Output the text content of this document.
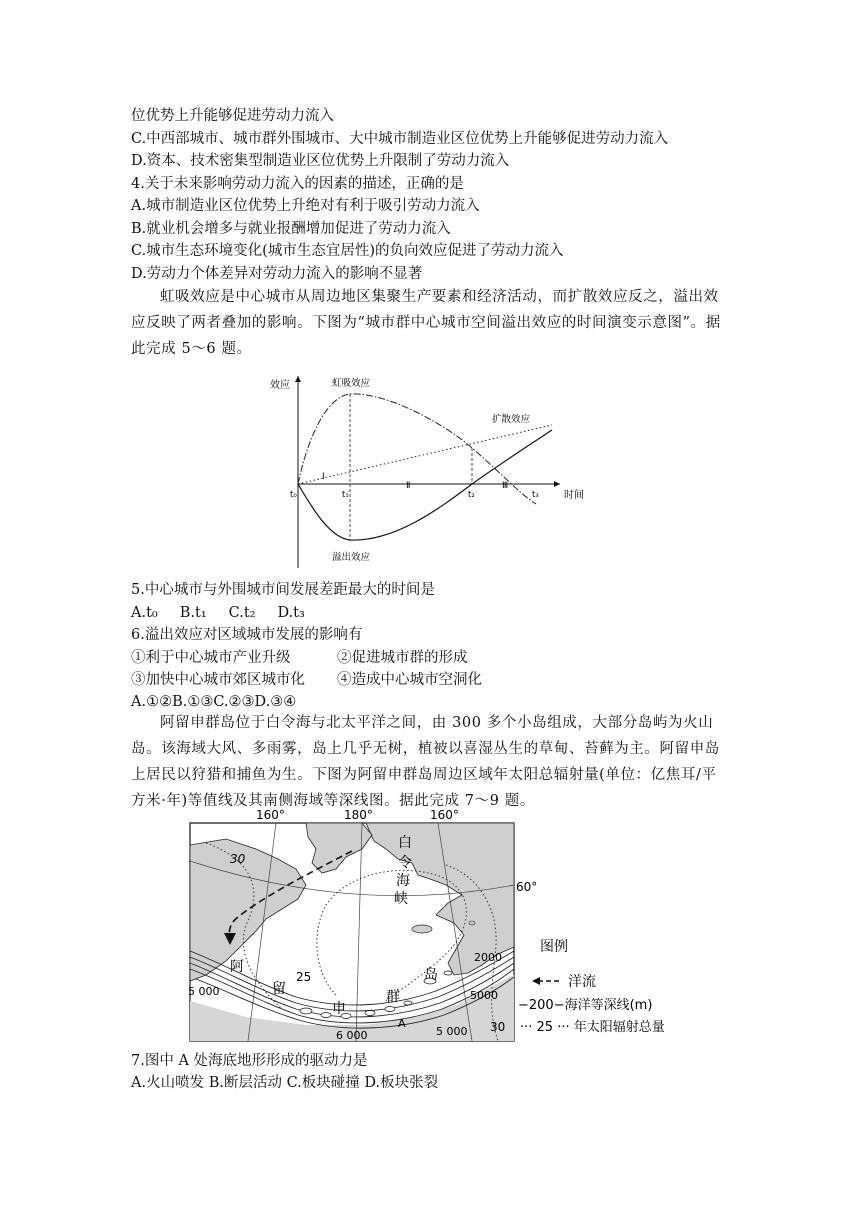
位优势上升能够促进劳动力流入
C.中西部城市、城市群外围城市、大中城市制造业区位优势上升能够促进劳动力流入
D.资本、技术密集型制造业区位优势上升限制了劳动力流入
4.关于未来影响劳动力流入的因素的描述，正确的是
A.城市制造业区位优势上升绝对有利于吸引劳动力流入
B.就业机会增多与就业报酬增加促进了劳动力流入
C.城市生态环境变化(城市生态宜居性)的负向效应促进了劳动力流入
D.劳动力个体差异对劳动力流入的影响不显著
虹吸效应是中心城市从周边地区集聚生产要素和经济活动，而扩散效应反之，溢出效应反映了两者叠加的影响。下图为“城市群中心城市空间溢出效应的时间演变示意图”。据此完成 5～6 题。
效应
时间
虹吸效应
扩散效应
溢出效应
t₀	t₁	t₂	t₃
Ⅰ
Ⅱ	Ⅲ
5.中心城市与外围城市间发展差距最大的时间是
A.t₀ B.t₁ C.t₂ D.t₃
6.溢出效应对区域城市发展的影响有
①利于中心城市产业升级	②促进城市群的形成
③加快中心城市郊区城市化 ④造成中心城市空洞化
A.①②B.①③C.②③D.③④
阿留申群岛位于白令海与北太平洋之间，由 300 多个小岛组成，大部分岛屿为火山岛。该海域大风、多雨雾，岛上几乎无树，植被以喜湿丛生的草甸、苔藓为主。阿留申岛上居民以狩猎和捕鱼为生。下图为阿留申群岛周边区域年太阳总辐射量(单位：亿焦耳/平方米·年)等值线及其南侧海域等深线图。据此完成 7～9 题。
160°	180°	160°
60°
白
令
海
峡
阿
留
申
群
岛
30
25
30
5 000
2000
5000
6 000	5 000
A
图例
洋流
−200−海洋等深线(m)
··· 25 ··· 年太阳辐射总量
7.图中 A 处海底地形形成的驱动力是
A.火山喷发 B.断层活动 C.板块碰撞 D.板块张裂
